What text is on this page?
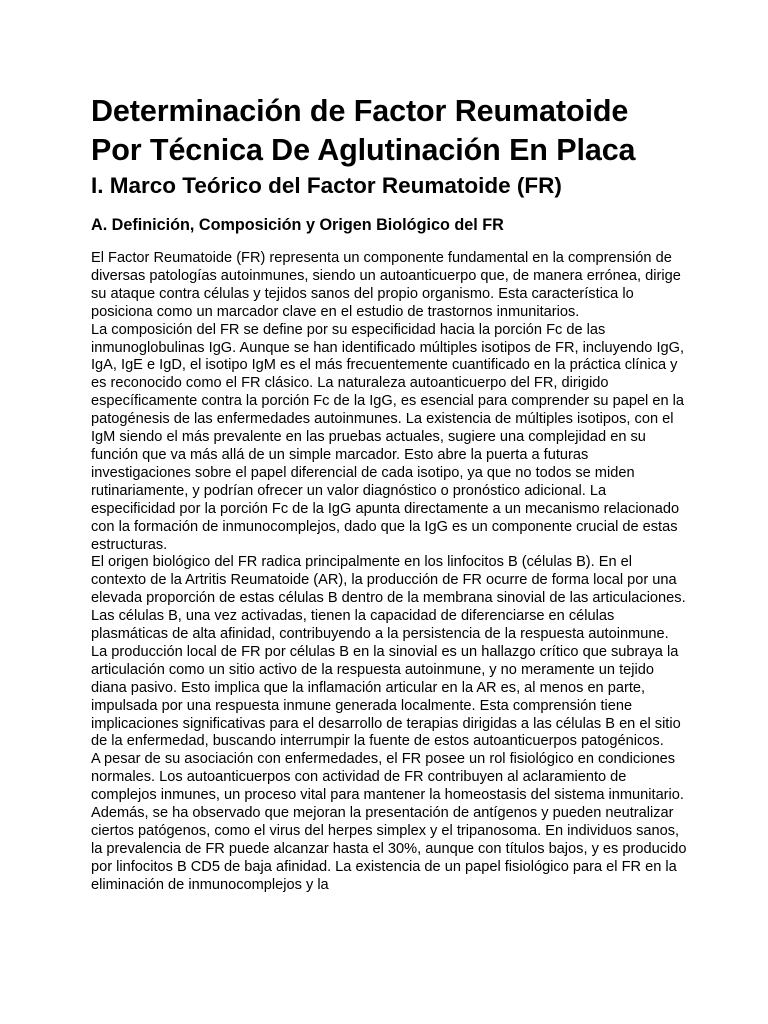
Determinación de Factor Reumatoide
Por Técnica De Aglutinación En Placa
I. Marco Teórico del Factor Reumatoide (FR)
A. Definición, Composición y Origen Biológico del FR

El Factor Reumatoide (FR) representa un componente fundamental en la comprensión de diversas patologías autoinmunes, siendo un autoanticuerpo que, de manera errónea, dirige su ataque contra células y tejidos sanos del propio organismo. Esta característica lo posiciona como un marcador clave en el estudio de trastornos inmunitarios.

La composición del FR se define por su especificidad hacia la porción Fc de las inmunoglobulinas IgG. Aunque se han identificado múltiples isotipos de FR, incluyendo IgG, IgA, IgE e IgD, el isotipo IgM es el más frecuentemente cuantificado en la práctica clínica y es reconocido como el FR clásico. La naturaleza autoanticuerpo del FR, dirigido específicamente contra la porción Fc de la IgG, es esencial para comprender su papel en la patogénesis de las enfermedades autoinmunes. La existencia de múltiples isotipos, con el IgM siendo el más prevalente en las pruebas actuales, sugiere una complejidad en su función que va más allá de un simple marcador. Esto abre la puerta a futuras investigaciones sobre el papel diferencial de cada isotipo, ya que no todos se miden rutinariamente, y podrían ofrecer un valor diagnóstico o pronóstico adicional. La especificidad por la porción Fc de la IgG apunta directamente a un mecanismo relacionado con la formación de inmunocomplejos, dado que la IgG es un componente crucial de estas estructuras.

El origen biológico del FR radica principalmente en los linfocitos B (células B). En el contexto de la Artritis Reumatoide (AR), la producción de FR ocurre de forma local por una elevada proporción de estas células B dentro de la membrana sinovial de las articulaciones. Las células B, una vez activadas, tienen la capacidad de diferenciarse en células plasmáticas de alta afinidad, contribuyendo a la persistencia de la respuesta autoinmune. La producción local de FR por células B en la sinovial es un hallazgo crítico que subraya la articulación como un sitio activo de la respuesta autoinmune, y no meramente un tejido diana pasivo. Esto implica que la inflamación articular en la AR es, al menos en parte, impulsada por una respuesta inmune generada localmente. Esta comprensión tiene implicaciones significativas para el desarrollo de terapias dirigidas a las células B en el sitio de la enfermedad, buscando interrumpir la fuente de estos autoanticuerpos patogénicos.

A pesar de su asociación con enfermedades, el FR posee un rol fisiológico en condiciones normales. Los autoanticuerpos con actividad de FR contribuyen al aclaramiento de complejos inmunes, un proceso vital para mantener la homeostasis del sistema inmunitario. Además, se ha observado que mejoran la presentación de antígenos y pueden neutralizar ciertos patógenos, como el virus del herpes simplex y el tripanosoma. En individuos sanos, la prevalencia de FR puede alcanzar hasta el 30%, aunque con títulos bajos, y es producido por linfocitos B CD5 de baja afinidad. La existencia de un papel fisiológico para el FR en la eliminación de inmunocomplejos y la
